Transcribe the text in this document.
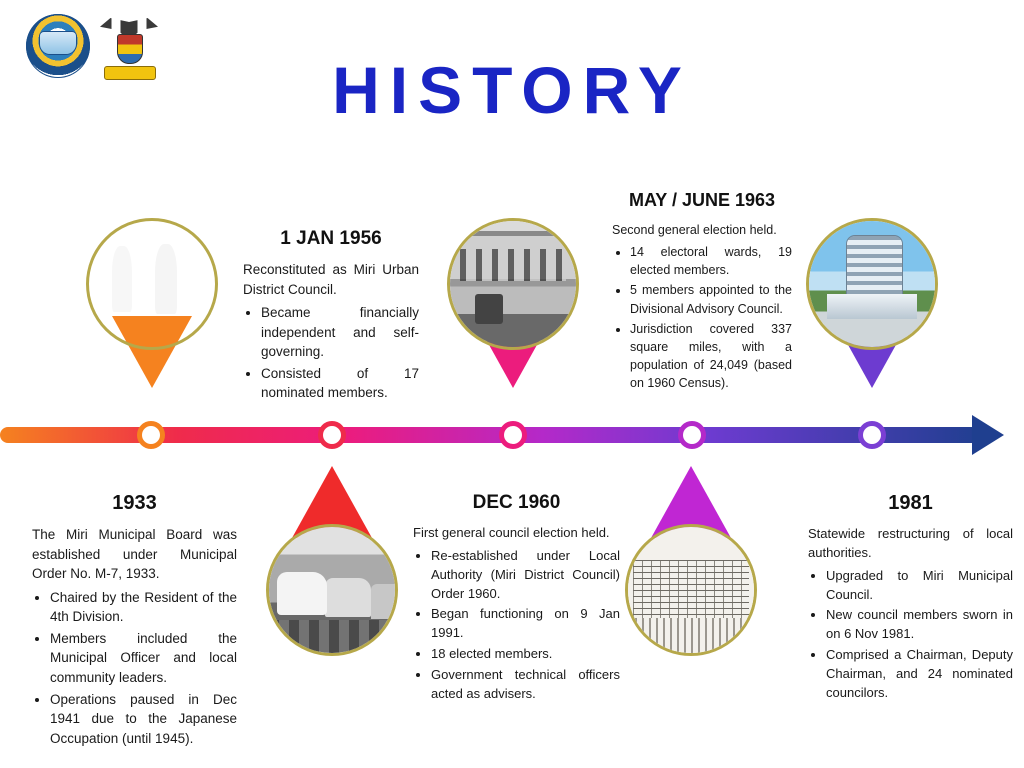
HISTORY
1 JAN 1956

Reconstituted as Miri Urban District Council.

• Became financially independent and self-governing.
• Consisted of 17 nominated members.
MAY / JUNE 1963

Second general election held.

• 14 electoral wards, 19 elected members.
• 5 members appointed to the Divisional Advisory Council.
• Jurisdiction covered 337 square miles, with a population of 24,049 (based on 1960 Census).
1933

The Miri Municipal Board was established under Municipal Order No. M-7, 1933.

• Chaired by the Resident of the 4th Division.
• Members included the Municipal Officer and local community leaders.
• Operations paused in Dec 1941 due to the Japanese Occupation (until 1945).
DEC 1960

First general council election held.

• Re-established under Local Authority (Miri District Council) Order 1960.
• Began functioning on 9 Jan 1991.
• 18 elected members.
• Government technical officers acted as advisers.
1981

Statewide restructuring of local authorities.

• Upgraded to Miri Municipal Council.
• New council members sworn in on 6 Nov 1981.
• Comprised a Chairman, Deputy Chairman, and 24 nominated councilors.
